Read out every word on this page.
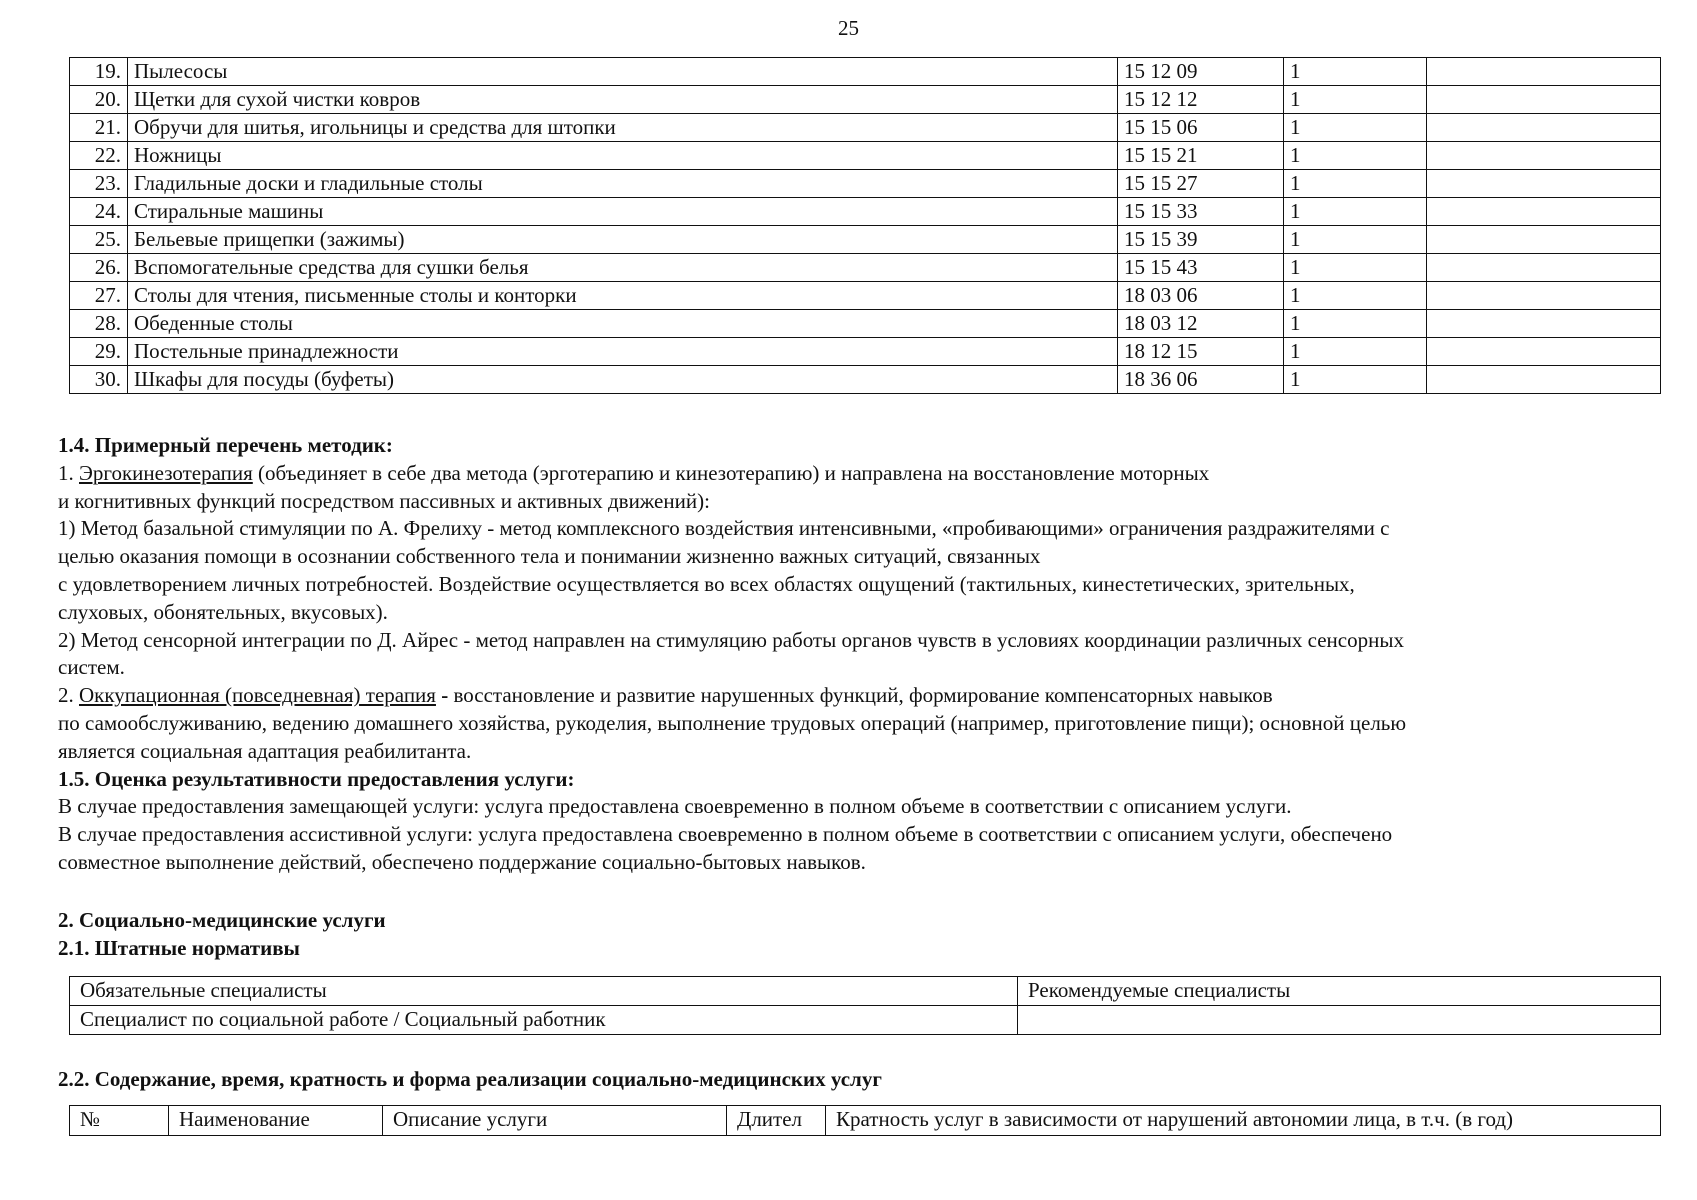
25
19.	Пылесосы	15 12 09	1	
20.	Щетки для сухой чистки ковров	15 12 12	1	
21.	Обручи для шитья, игольницы и средства для штопки	15 15 06	1	
22.	Ножницы	15 15 21	1	
23.	Гладильные доски и гладильные столы	15 15 27	1	
24.	Стиральные машины	15 15 33	1	
25.	Бельевые прищепки (зажимы)	15 15 39	1	
26.	Вспомогательные средства для сушки белья	15 15 43	1	
27.	Столы для чтения, письменные столы и конторки	18 03 06	1	
28.	Обеденные столы	18 03 12	1	
29.	Постельные принадлежности	18 12 15	1	
30.	Шкафы для посуды (буфеты)	18 36 06	1	

1.4. Примерный перечень методик:

1. Эргокинезотерапия (объединяет в себе два метода (эрготерапию и кинезотерапию) и направлена на восстановление моторных

и когнитивных функций посредством пассивных и активных движений):

1) Метод базальной стимуляции по А. Фрелиху - метод комплексного воздействия интенсивными, «пробивающими» ограничения раздражителями с

целью оказания помощи в осознании собственного тела и понимании жизненно важных ситуаций, связанных

с удовлетворением личных потребностей. Воздействие осуществляется во всех областях ощущений (тактильных, кинестетических, зрительных,

слуховых, обонятельных, вкусовых).

2) Метод сенсорной интеграции по Д. Айрес - метод направлен на стимуляцию работы органов чувств в условиях координации различных сенсорных

систем.

2. Оккупационная (повседневная) терапия - восстановление и развитие нарушенных функций, формирование компенсаторных навыков

по самообслуживанию, ведению домашнего хозяйства, рукоделия, выполнение трудовых операций (например, приготовление пищи); основной целью

является социальная адаптация реабилитанта.

1.5. Оценка результативности предоставления услуги:

В случае предоставления замещающей услуги: услуга предоставлена своевременно в полном объеме в соответствии с описанием услуги.

В случае предоставления ассистивной услуги: услуга предоставлена своевременно в полном объеме в соответствии с описанием услуги, обеспечено

совместное выполнение действий, обеспечено поддержание социально-бытовых навыков.

2. Социально-медицинские услуги

2.1. Штатные нормативы

Обязательные специалисты	Рекомендуемые специалисты
Специалист по социальной работе / Социальный работник	
2.2. Содержание, время, кратность и форма реализации социально-медицинских услуг
№	Наименование	Описание услуги	Длител	Кратность услуг в зависимости от нарушений автономии лица, в т.ч. (в год)
